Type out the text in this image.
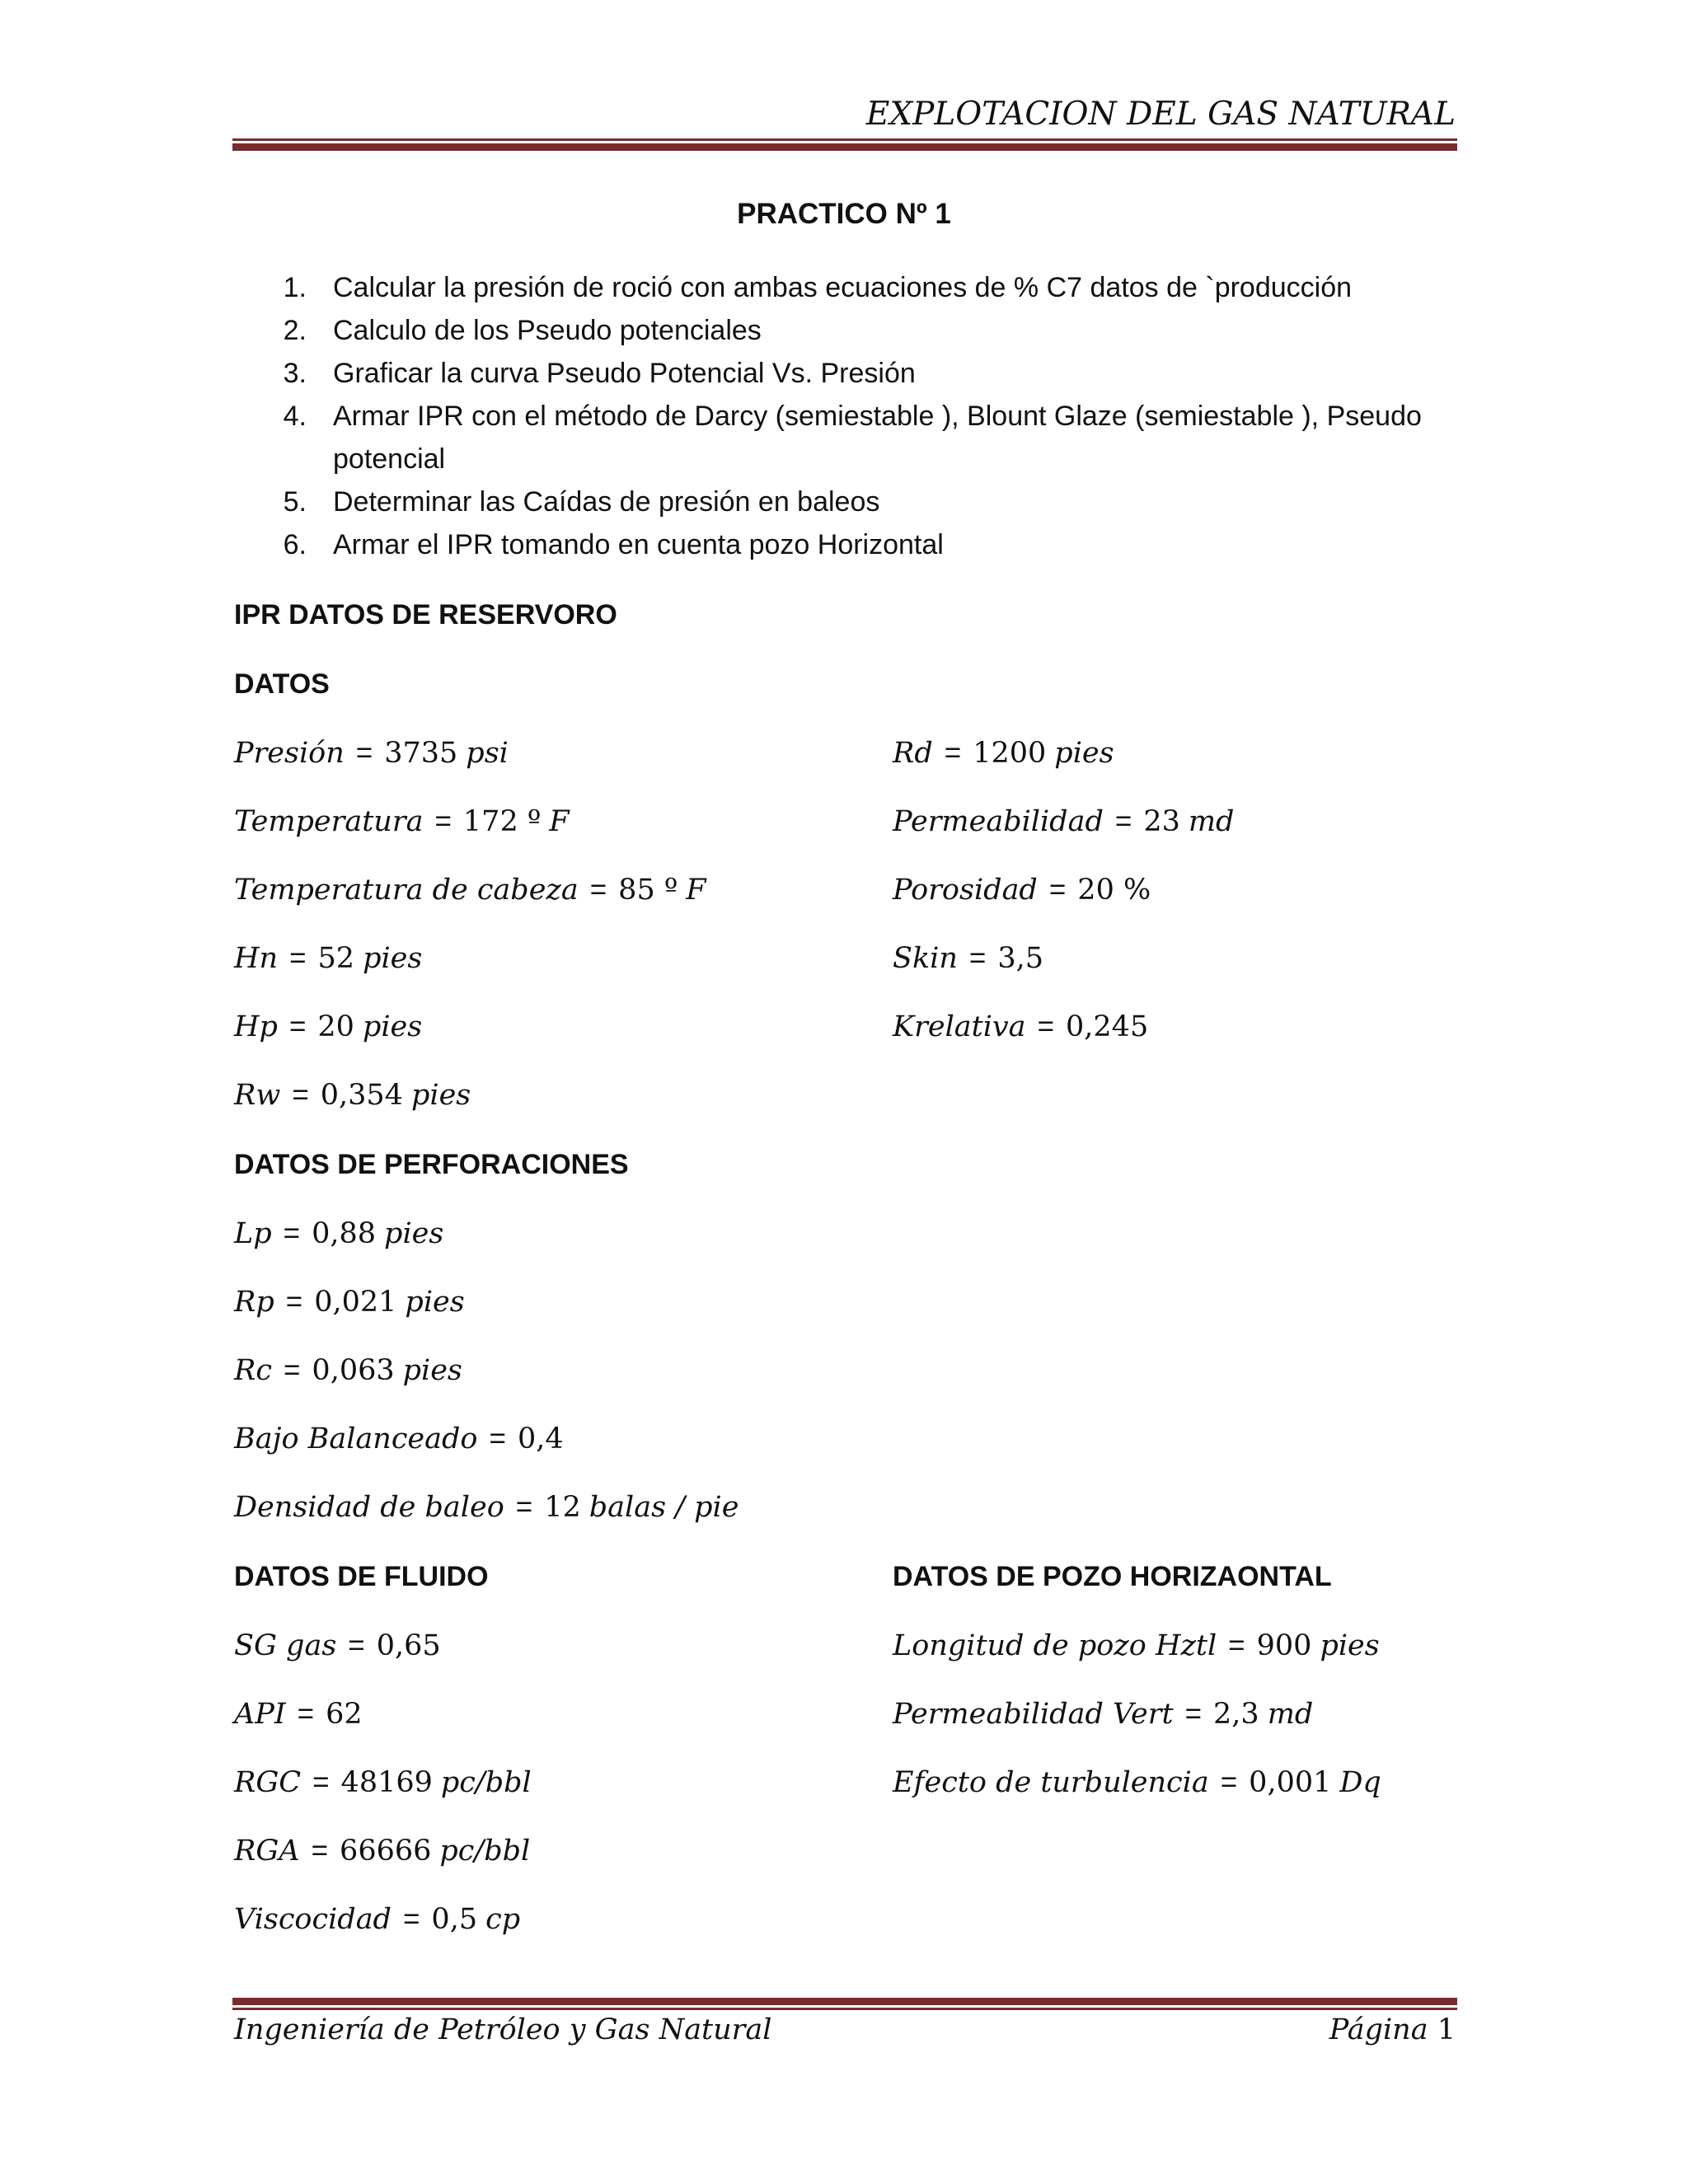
EXPLOTACION DEL GAS NATURAL
PRACTICO Nº 1
1. Calcular la presión de roció con ambas ecuaciones de % C7 datos de `producción
2. Calculo de los Pseudo potenciales
3. Graficar la curva Pseudo Potencial Vs. Presión
4. Armar IPR con el método de Darcy (semiestable ), Blount Glaze (semiestable ), Pseudo
potencial
5. Determinar las Caídas de presión en baleos
6. Armar el IPR tomando en cuenta pozo Horizontal
IPR DATOS DE RESERVORO
DATOS
Presión = 3735 psi
Temperatura = 172 º F
Temperatura de cabeza = 85 º F
Hn = 52 pies
Hp = 20 pies
Rw = 0,354 pies
Rd = 1200 pies
Permeabilidad = 23 md
Porosidad = 20 %
Skin = 3,5
Krelativa = 0,245
DATOS DE PERFORACIONES
Lp = 0,88 pies
Rp = 0,021 pies
Rc = 0,063 pies
Bajo Balanceado = 0,4
Densidad de baleo = 12 balas / pie
DATOS DE FLUIDO	DATOS DE POZO HORIZAONTAL
SG gas = 0,65
API = 62
RGC = 48169 pc/bbl
RGA = 66666 pc/bbl
Viscocidad = 0,5 cp
Longitud de pozo Hztl = 900 pies
Permeabilidad Vert = 2,3 md
Efecto de turbulencia = 0,001 Dq
Ingeniería de Petróleo y Gas Natural	Página 1
